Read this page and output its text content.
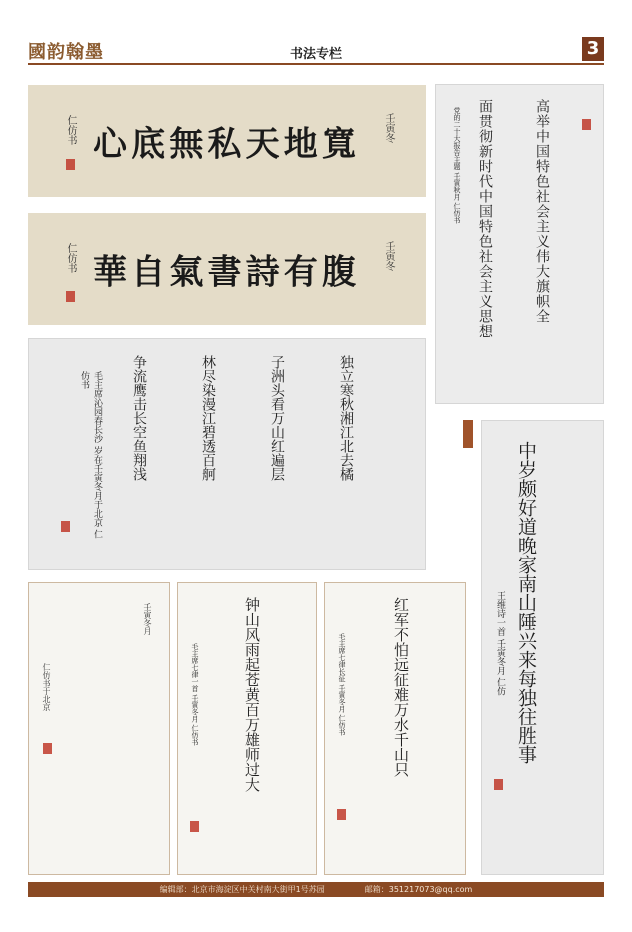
國韵翰墨	书法专栏	3
心 底 無 私 天 地 寬	壬寅冬
仁仿书
華 自 氣 書 詩 有 腹	壬寅冬
仁仿书

	高举中国特色社会主义伟大旗帜全

面贯彻新时代中国特色社会主义思想

党的二十大报告主题 壬寅秋月 仁仿书

独立寒秋湘江北去橘

子洲头看万山红遍层

林尽染漫江碧透百舸

争流鹰击长空鱼翔浅

毛主席沁园春长沙 岁在壬寅冬月于北京 仁仿书

中岁颇好道晚家南山陲兴来每独往胜事

王维诗一首 壬寅冬月 仁仿

壬寅冬月
仁仿书于北京

	钟山风雨起苍黄百万雄师过大

毛主席七律一首 壬寅冬月 仁仿书

	红军不怕远征难万水千山只

毛主席七律长征 壬寅冬月 仁仿书
编辑部：北京市海淀区中关村南大街甲1号苏园	邮箱：351217073@qq.com
